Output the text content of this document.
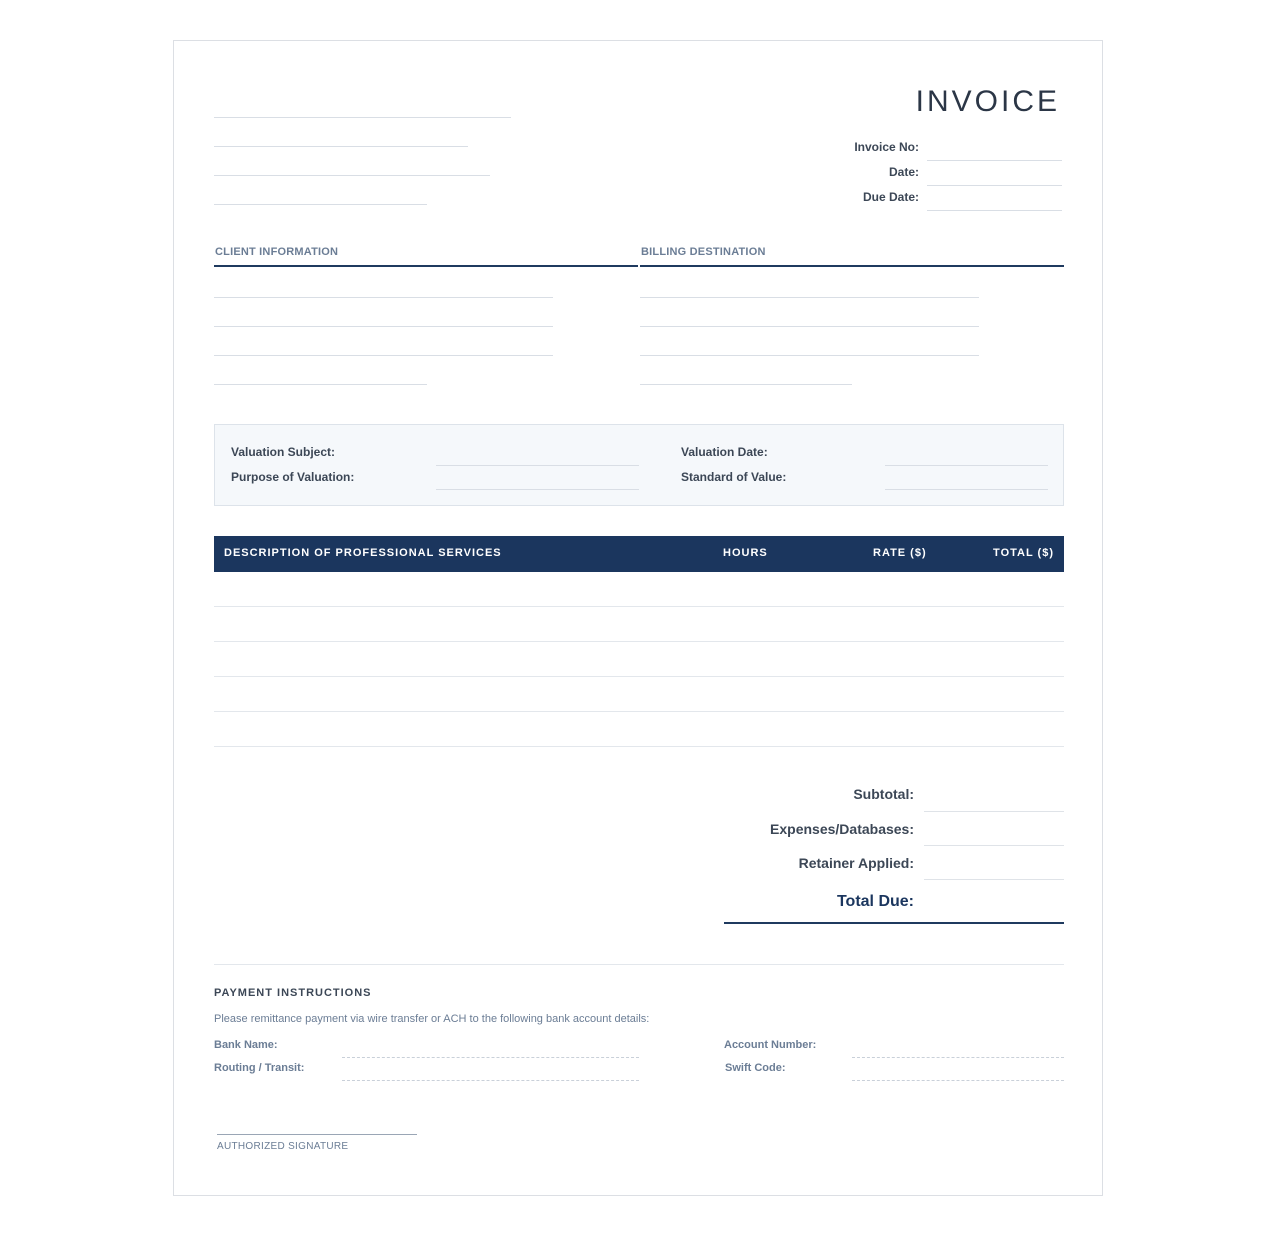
INVOICE
Invoice No:
Date:
Due Date:
CLIENT INFORMATION	BILLING DESTINATION
Valuation Subject:
Purpose of Valuation:
Valuation Date:
Standard of Value:
DESCRIPTION OF PROFESSIONAL SERVICES	HOURS	RATE ($)	TOTAL ($)
Subtotal:
Expenses/Databases:
Retainer Applied:
Total Due:
PAYMENT INSTRUCTIONS
Please remittance payment via wire transfer or ACH to the following bank account details:
Bank Name:
Routing / Transit:
Account Number:
Swift Code:
AUTHORIZED SIGNATURE
